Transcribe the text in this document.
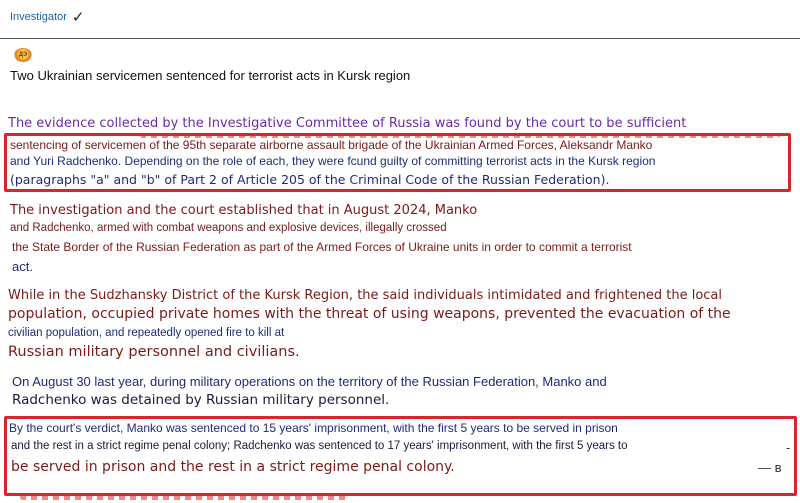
Investigator ✓
ДЭ
Two Ukrainian servicemen sentenced for terrorist acts in Kursk region
The evidence collected by the Investigative Committee of Russia was found by the court to be sufficient
sentencing of servicemen of the 95th separate airborne assault brigade of the Ukrainian Armed Forces, Aleksandr Manko
and Yuri Radchenko. Depending on the role of each, they were fcund guilty of committing terrorist acts in the Kursk region
(paragraphs "a" and "b" of Part 2 of Article 205 of the Criminal Code of the Russian Federation).
The investigation and the court established that in August 2024, Manko
and Radchenko, armed with combat weapons and explosive devices, illegally crossed
the State Border of the Russian Federation as part of the Armed Forces of Ukraine units in order to commit a terrorist
act.
While in the Sudzhansky District of the Kursk Region, the said individuals intimidated and frightened the local
population, occupied private homes with the threat of using weapons, prevented the evacuation of the
civilian population, and repeatedly opened fire to kill at
Russian military personnel and civilians.
On August 30 last year, during military operations on the territory of the Russian Federation, Manko and
Radchenko was detained by Russian military personnel.
By the court's verdict, Manko was sentenced to 15 years' imprisonment, with the first 5 years to be served in prison
and the rest in a strict regime penal colony; Radchenko was sentenced to 17 years' imprisonment, with the first 5 years to
be served in prison and the rest in a strict regime penal colony.
-
— в
